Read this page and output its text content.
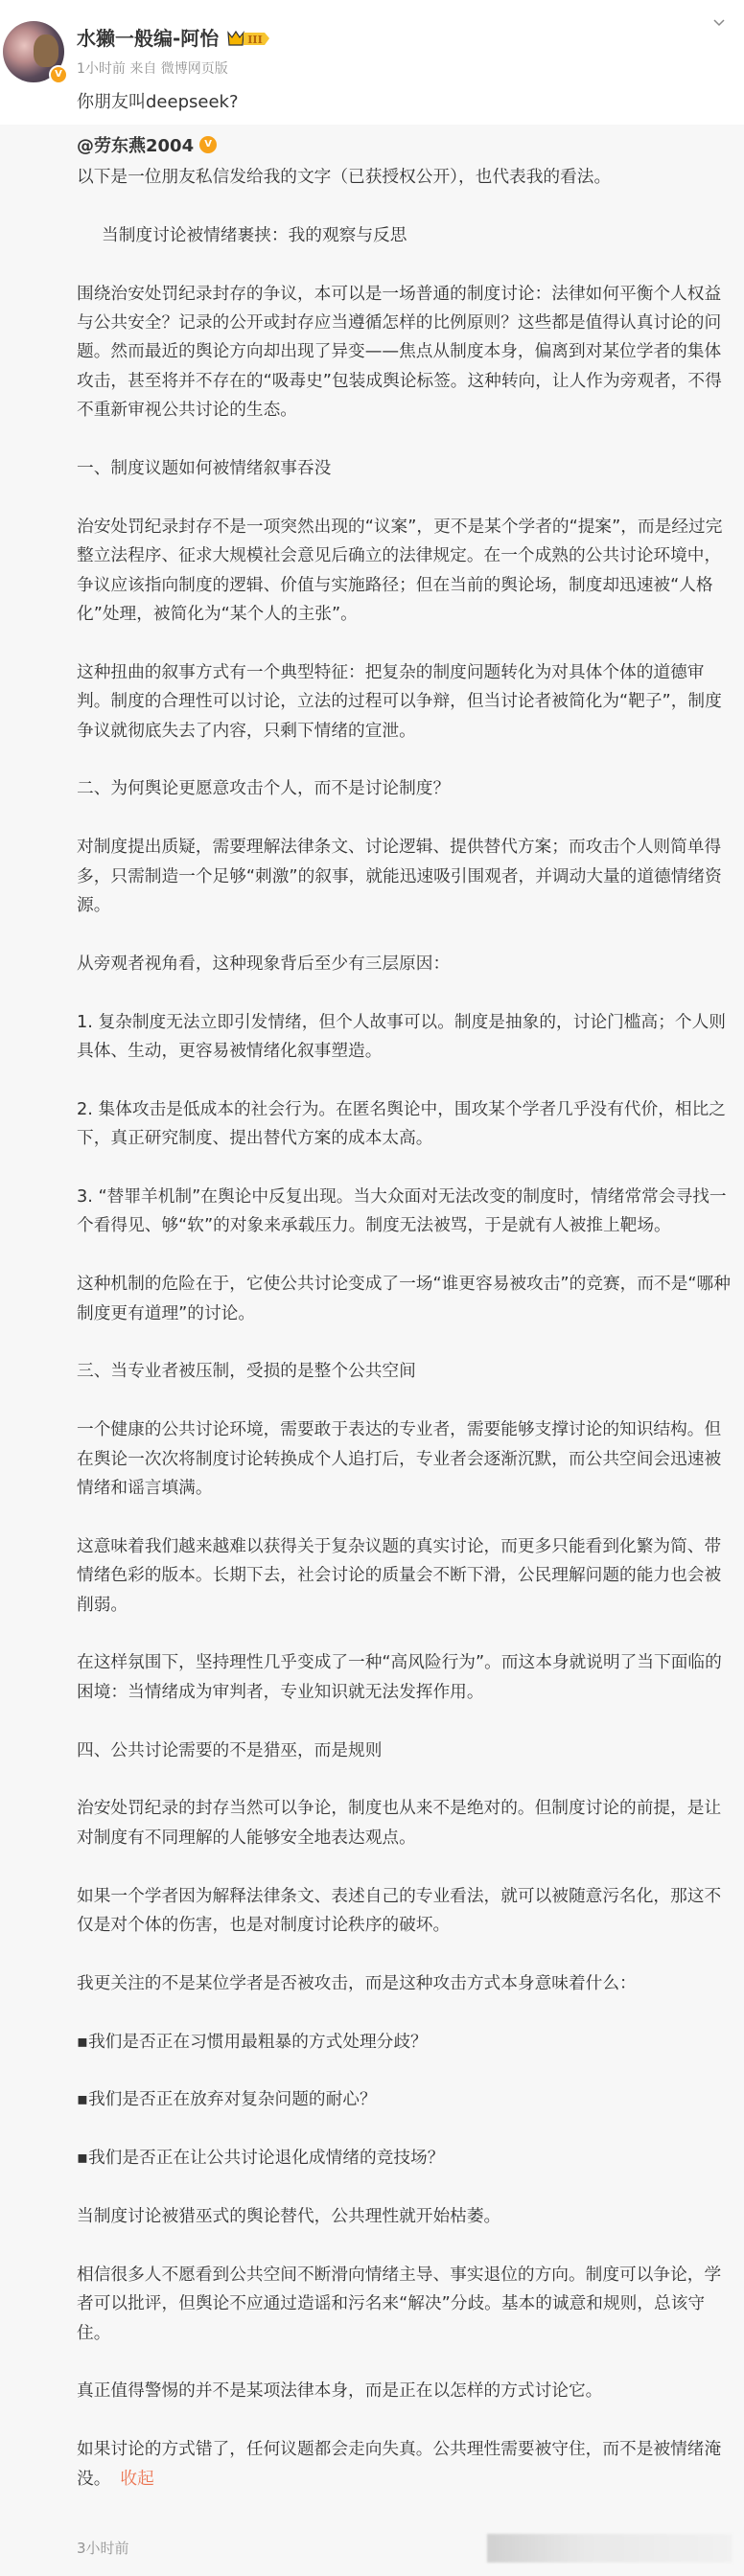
V
水獭一般编-阿怡	III
1小时前 来自 微博网页版
你朋友叫deepseek?
@劳东燕2004 V

以下是一位朋友私信发给我的文字（已获授权公开），也代表我的看法。

当制度讨论被情绪裹挟：我的观察与反思

围绕治安处罚纪录封存的争议，本可以是一场普通的制度讨论：法律如何平衡个人权益与公共安全？记录的公开或封存应当遵循怎样的比例原则？这些都是值得认真讨论的问题。然而最近的舆论方向却出现了异变——焦点从制度本身，偏离到对某位学者的集体攻击，甚至将并不存在的“吸毒史”包装成舆论标签。这种转向，让人作为旁观者，不得不重新审视公共讨论的生态。

一、制度议题如何被情绪叙事吞没

治安处罚纪录封存不是一项突然出现的“议案”，更不是某个学者的“提案”，而是经过完整立法程序、征求大规模社会意见后确立的法律规定。在一个成熟的公共讨论环境中，争议应该指向制度的逻辑、价值与实施路径；但在当前的舆论场，制度却迅速被“人格化”处理，被简化为“某个人的主张”。

这种扭曲的叙事方式有一个典型特征：把复杂的制度问题转化为对具体个体的道德审判。制度的合理性可以讨论，立法的过程可以争辩，但当讨论者被简化为“靶子”，制度争议就彻底失去了内容，只剩下情绪的宣泄。

二、为何舆论更愿意攻击个人，而不是讨论制度？

对制度提出质疑，需要理解法律条文、讨论逻辑、提供替代方案；而攻击个人则简单得多，只需制造一个足够“刺激”的叙事，就能迅速吸引围观者，并调动大量的道德情绪资源。

从旁观者视角看，这种现象背后至少有三层原因：

1. 复杂制度无法立即引发情绪，但个人故事可以。制度是抽象的，讨论门槛高；个人则具体、生动，更容易被情绪化叙事塑造。

2. 集体攻击是低成本的社会行为。在匿名舆论中，围攻某个学者几乎没有代价，相比之下，真正研究制度、提出替代方案的成本太高。

3. “替罪羊机制”在舆论中反复出现。当大众面对无法改变的制度时，情绪常常会寻找一个看得见、够“软”的对象来承载压力。制度无法被骂，于是就有人被推上靶场。

这种机制的危险在于，它使公共讨论变成了一场“谁更容易被攻击”的竞赛，而不是“哪种制度更有道理”的讨论。

三、当专业者被压制，受损的是整个公共空间

一个健康的公共讨论环境，需要敢于表达的专业者，需要能够支撑讨论的知识结构。但在舆论一次次将制度讨论转换成个人追打后，专业者会逐渐沉默，而公共空间会迅速被情绪和谣言填满。

这意味着我们越来越难以获得关于复杂议题的真实讨论，而更多只能看到化繁为简、带情绪色彩的版本。长期下去，社会讨论的质量会不断下滑，公民理解问题的能力也会被削弱。

在这样氛围下，坚持理性几乎变成了一种“高风险行为”。而这本身就说明了当下面临的困境：当情绪成为审判者，专业知识就无法发挥作用。

四、公共讨论需要的不是猎巫，而是规则

治安处罚纪录的封存当然可以争论，制度也从来不是绝对的。但制度讨论的前提，是让对制度有不同理解的人能够安全地表达观点。

如果一个学者因为解释法律条文、表述自己的专业看法，就可以被随意污名化，那这不仅是对个体的伤害，也是对制度讨论秩序的破坏。

我更关注的不是某位学者是否被攻击，而是这种攻击方式本身意味着什么：

▪我们是否正在习惯用最粗暴的方式处理分歧？

▪我们是否正在放弃对复杂问题的耐心？

▪我们是否正在让公共讨论退化成情绪的竞技场？

当制度讨论被猎巫式的舆论替代，公共理性就开始枯萎。

相信很多人不愿看到公共空间不断滑向情绪主导、事实退位的方向。制度可以争论，学者可以批评，但舆论不应通过造谣和污名来“解决”分歧。基本的诚意和规则，总该守住。

真正值得警惕的并不是某项法律本身，而是正在以怎样的方式讨论它。

如果讨论的方式错了，任何议题都会走向失真。公共理性需要被守住，而不是被情绪淹没。 收起

3小时前
